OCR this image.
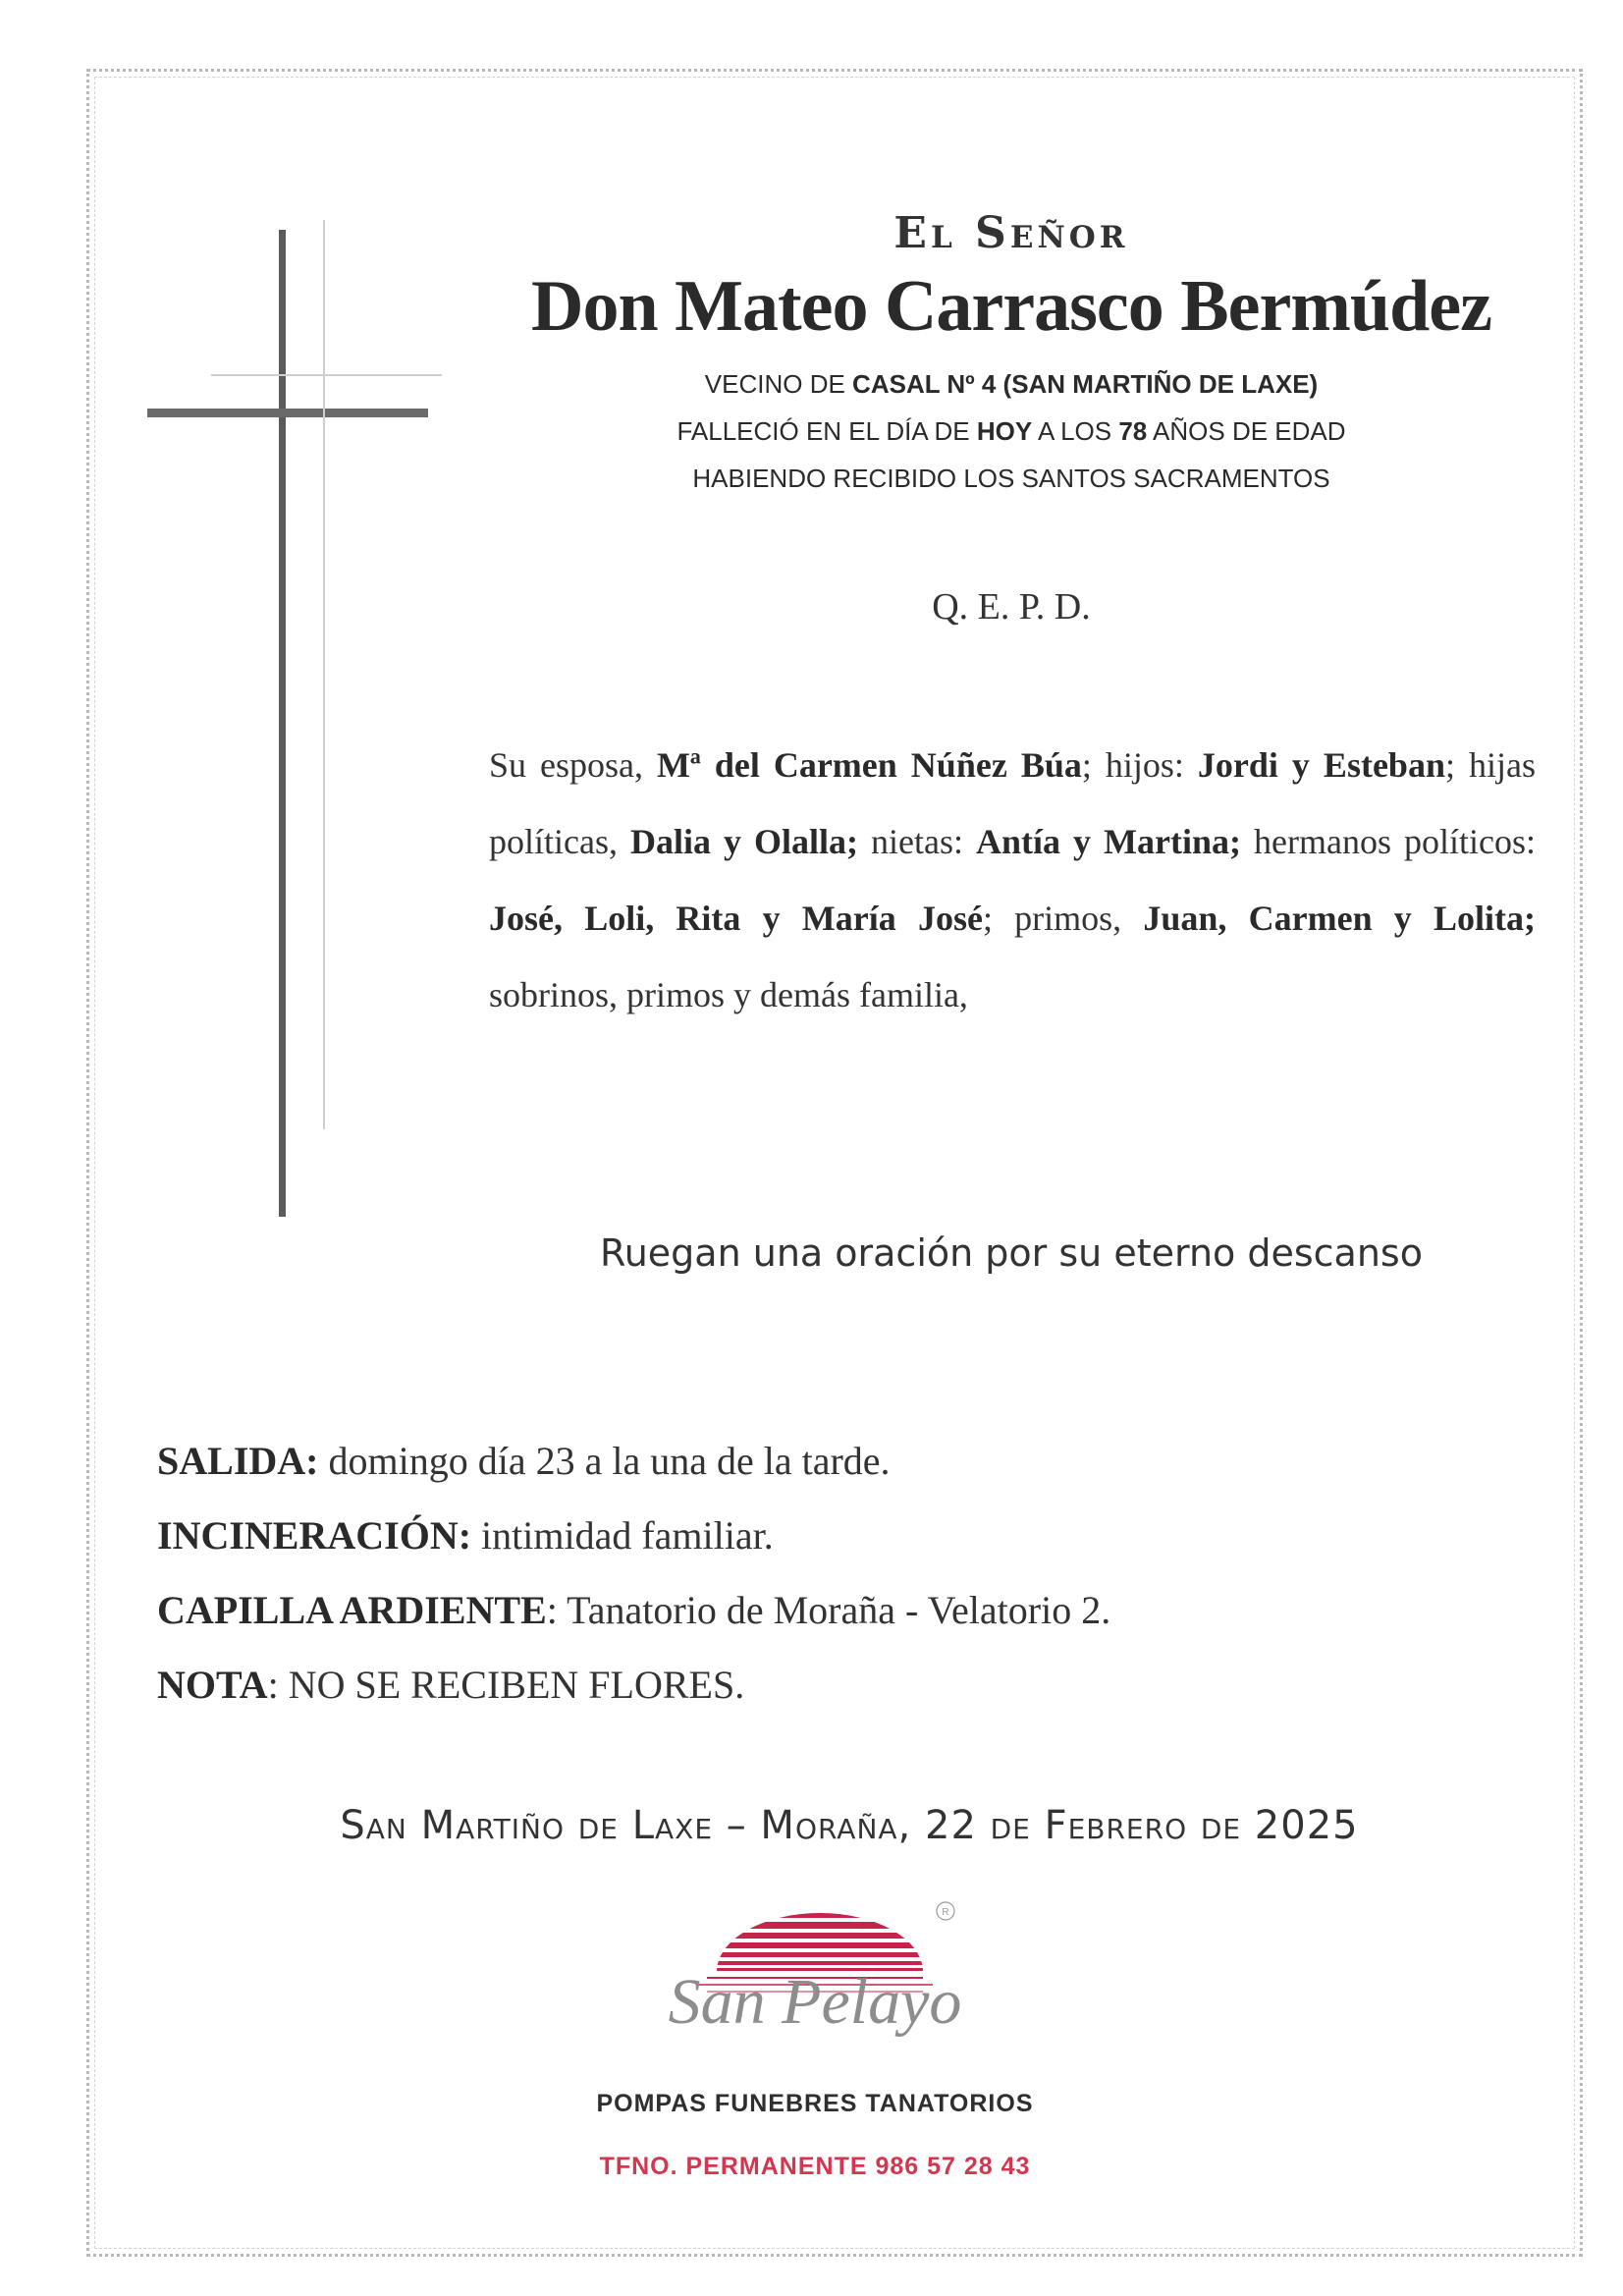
El Señor
Don Mateo Carrasco Bermúdez
VECINO DE CASAL Nº 4 (SAN MARTIÑO DE LAXE)
FALLECIÓ EN EL DÍA DE HOY A LOS 78 AÑOS DE EDAD
HABIENDO RECIBIDO LOS SANTOS SACRAMENTOS
Q. E. P. D.
Su esposa, Mª del Carmen Núñez Búa; hijos: Jordi y Esteban; hijas políticas, Dalia y Olalla; nietas: Antía y Martina; hermanos políticos: José, Loli, Rita y María José; primos, Juan, Carmen y Lolita; sobrinos, primos y demás familia,
Ruegan una oración por su eterno descanso
SALIDA: domingo día 23 a la una de la tarde.
INCINERACIÓN: intimidad familiar.
CAPILLA ARDIENTE: Tanatorio de Moraña - Velatorio 2.
NOTA: NO SE RECIBEN FLORES.
San Martiño de Laxe – Moraña, 22 de Febrero de 2025
R
San Pelayo
POMPAS FUNEBRES TANATORIOS
TFNO. PERMANENTE 986 57 28 43
